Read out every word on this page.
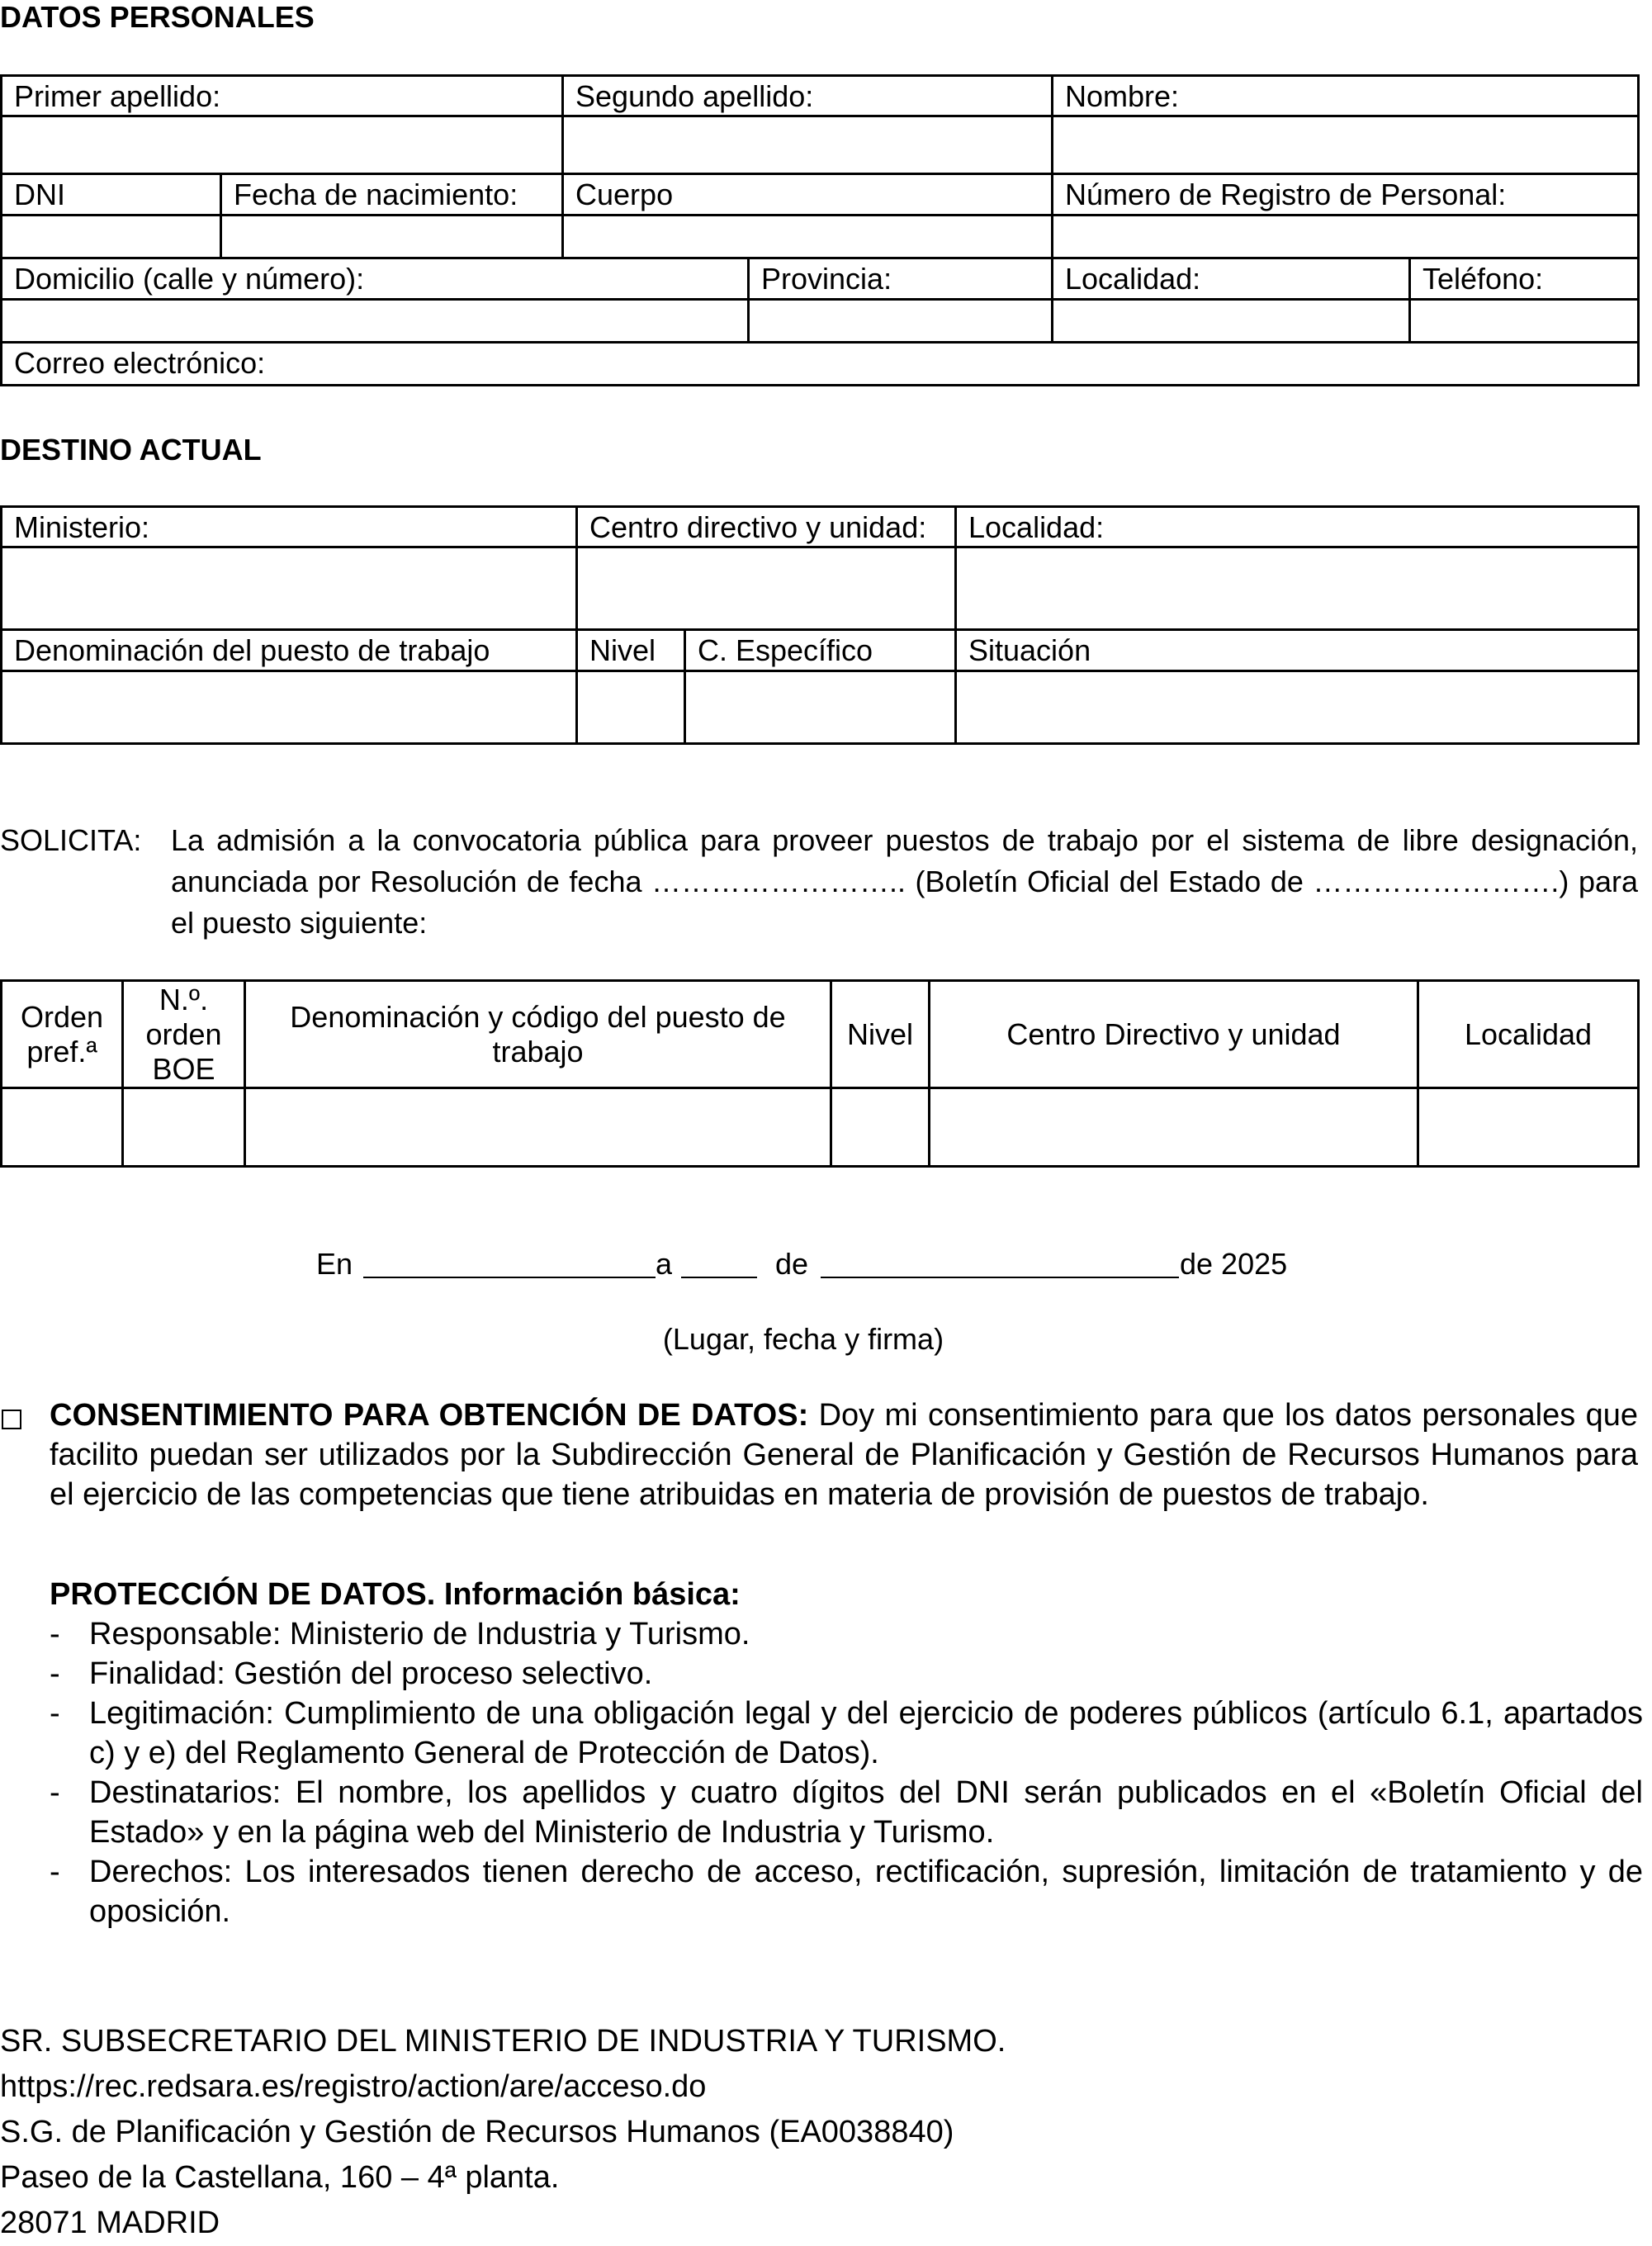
DATOS PERSONALES
Primer apellido:		Segundo apellido:		Nombre:	

DNI	Fecha de nacimiento:	Cuerpo		Número de Registro de Personal:	

Domicilio (calle y número):			Provincia:	Localidad:	Teléfono:

Correo electrónico:					
DESTINO ACTUAL
Ministerio:	Centro directivo y unidad:		Localidad:

Denominación del puesto de trabajo	Nivel	C. Específico	Situación

SOLICITA: La admisión a la convocatoria pública para proveer puestos de trabajo por el sistema de libre designación, anunciada por Resolución de fecha …………………….. (Boletín Oficial del Estado de …………………….) para el puesto siguiente:
Orden pref.ª	N.º. orden BOE	Denominación y código del puesto de trabajo	Nivel	Centro Directivo y unidad	Localidad

En	a	de	de 2025
(Lugar, fecha y firma)
CONSENTIMIENTO PARA OBTENCIÓN DE DATOS: Doy mi consentimiento para que los datos personales que facilito puedan ser utilizados por la Subdirección General de Planificación y Gestión de Recursos Humanos para el ejercicio de las competencias que tiene atribuidas en materia de provisión de puestos de trabajo.
PROTECCIÓN DE DATOS. Información básica:
- Responsable: Ministerio de Industria y Turismo.
- Finalidad: Gestión del proceso selectivo.
- Legitimación: Cumplimiento de una obligación legal y del ejercicio de poderes públicos (artículo 6.1, apartados c) y e) del Reglamento General de Protección de Datos).
- Destinatarios: El nombre, los apellidos y cuatro dígitos del DNI serán publicados en el «Boletín Oficial del Estado» y en la página web del Ministerio de Industria y Turismo.
- Derechos: Los interesados tienen derecho de acceso, rectificación, supresión, limitación de tratamiento y de oposición.
SR. SUBSECRETARIO DEL MINISTERIO DE INDUSTRIA Y TURISMO.
https://rec.redsara.es/registro/action/are/acceso.do
S.G. de Planificación y Gestión de Recursos Humanos (EA0038840)
Paseo de la Castellana, 160 – 4ª planta.
28071 MADRID
